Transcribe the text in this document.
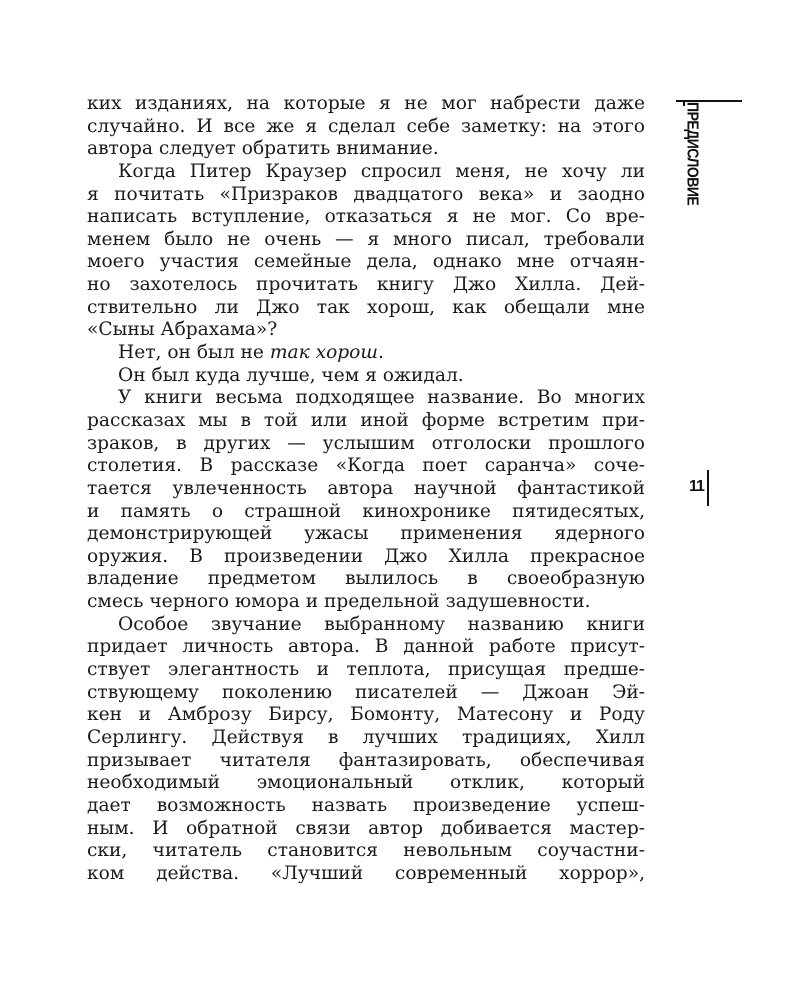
ПРЕДИСЛОВИЕ
11
ких изданиях, на которые я не мог набрести даже
случайно. И все же я сделал себе заметку: на этого
автора следует обратить внимание.
Когда Питер Краузер спросил меня, не хочу ли
я почитать «Призраков двадцатого века» и заодно
написать вступление, отказаться я не мог. Со вре-
менем было не очень — я много писал, требовали
моего участия семейные дела, однако мне отчаян-
но захотелось прочитать книгу Джо Хилла. Дей-
ствительно ли Джо так хорош, как обещали мне
«Сыны Абрахама»?
Нет, он был не так хорош.
Он был куда лучше, чем я ожидал.
У книги весьма подходящее название. Во многих
рассказах мы в той или иной форме встретим при-
зраков, в других — услышим отголоски прошлого
столетия. В рассказе «Когда поет саранча» соче-
тается увлеченность автора научной фантастикой
и память о страшной кинохронике пятидесятых,
демонстрирующей ужасы применения ядерного
оружия. В произведении Джо Хилла прекрасное
владение предметом вылилось в своеобразную
смесь черного юмора и предельной задушевности.
Особое звучание выбранному названию книги
придает личность автора. В данной работе присут-
ствует элегантность и теплота, присущая предше-
ствующему поколению писателей — Джоан Эй-
кен и Амброзу Бирсу, Бомонту, Матесону и Роду
Серлингу. Действуя в лучших традициях, Хилл
призывает читателя фантазировать, обеспечивая
необходимый эмоциональный отклик, который
дает возможность назвать произведение успеш-
ным. И обратной связи автор добивается мастер-
ски, читатель становится невольным соучастни-
ком действа. «Лучший современный хоррор»,
